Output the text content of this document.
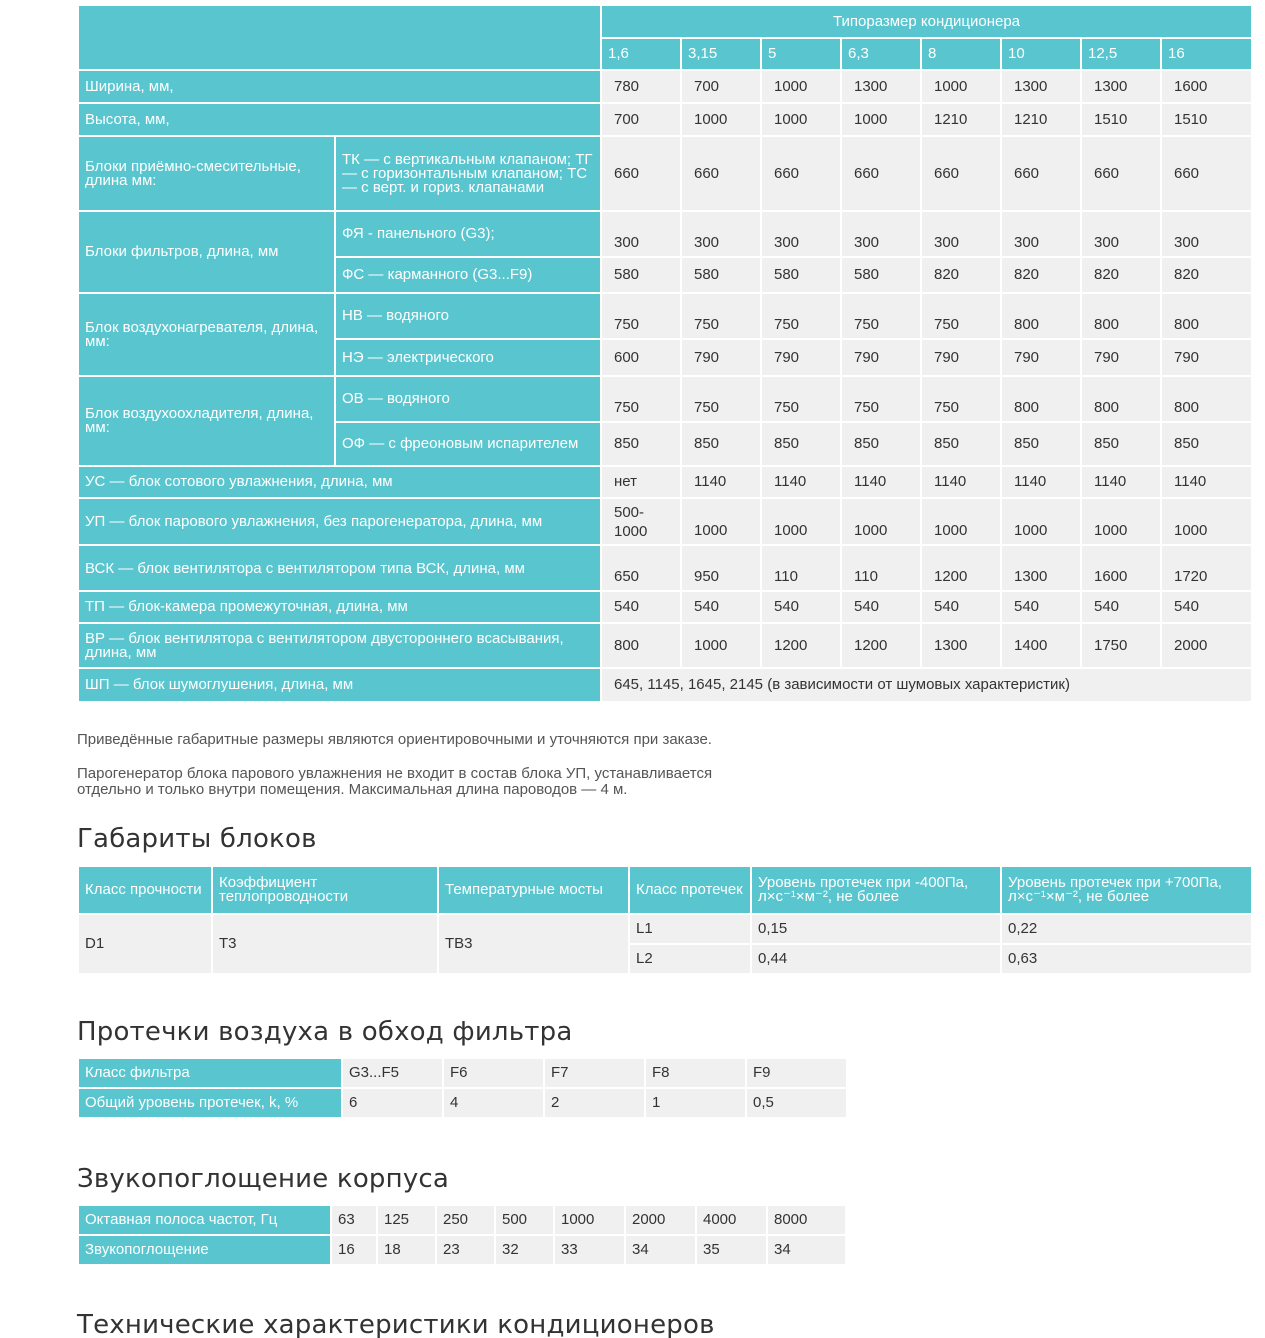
		Типоразмер кондиционера							
		1,6	3,15	5	6,3	8	10	12,5	16
Ширина, мм,		780	700	1000	1300	1000	1300	1300	1600
Высота, мм,		700	1000	1000	1000	1210	1210	1510	1510
Блоки приёмно-смесительные, длина мм:	ТК — с вертикальным клапаном; ТГ — с горизонтальным клапаном; ТС — с верт. и гориз. клапанами	660	660	660	660	660	660	660	660
Блоки фильтров, длина, мм	ФЯ - панельного (G3);	300	300	300	300	300	300	300	300
	ФС — карманного (G3...F9)	580	580	580	580	820	820	820	820
Блок воздухонагревателя, длина, мм:	НВ — водяного	750	750	750	750	750	800	800	800
	НЭ — электрического	600	790	790	790	790	790	790	790
Блок воздухоохладителя, длина, мм:	ОВ — водяного	750	750	750	750	750	800	800	800
	ОФ — с фреоновым испарителем	850	850	850	850	850	850	850	850
УС — блок сотового увлажнения, длина, мм		нет	1140	1140	1140	1140	1140	1140	1140
УП — блок парового увлажнения, без парогенератора, длина, мм		500-1000	1000	1000	1000	1000	1000	1000	1000
ВСК — блок вентилятора с вентилятором типа ВСК, длина, мм		650	950	110	110	1200	1300	1600	1720
ТП — блок-камера промежуточная, длина, мм		540	540	540	540	540	540	540	540
ВР — блок вентилятора с вентилятором двустороннего всасывания, длина, мм		800	1000	1200	1200	1300	1400	1750	2000
ШП — блок шумоглушения, длина, мм		645, 1145, 1645, 2145 (в зависимости от шумовых характеристик)							
Приведённые габаритные размеры являются ориентировочными и уточняются при заказе.
Парогенератор блока парового увлажнения не входит в состав блока УП, устанавливается
отдельно и только внутри помещения. Максимальная длина пароводов — 4 м.
Габариты блоков
Класс прочности	Коэффициент теплопроводности	Температурные мосты	Класс протечек	Уровень протечек при -400Па, л×с⁻¹×м⁻², не более	Уровень протечек при +700Па, л×с⁻¹×м⁻², не более
D1	T3	TB3	L1	0,15	0,22
			L2	0,44	0,63
Протечки воздуха в обход фильтра
Класс фильтра	G3...F5	F6	F7	F8	F9
Общий уровень протечек, k, %	6	4	2	1	0,5
Звукопоглощение корпуса
Октавная полоса частот, Гц	63	125	250	500	1000	2000	4000	8000
Звукопоглощение	16	18	23	32	33	34	35	34
Технические характеристики кондиционеров
